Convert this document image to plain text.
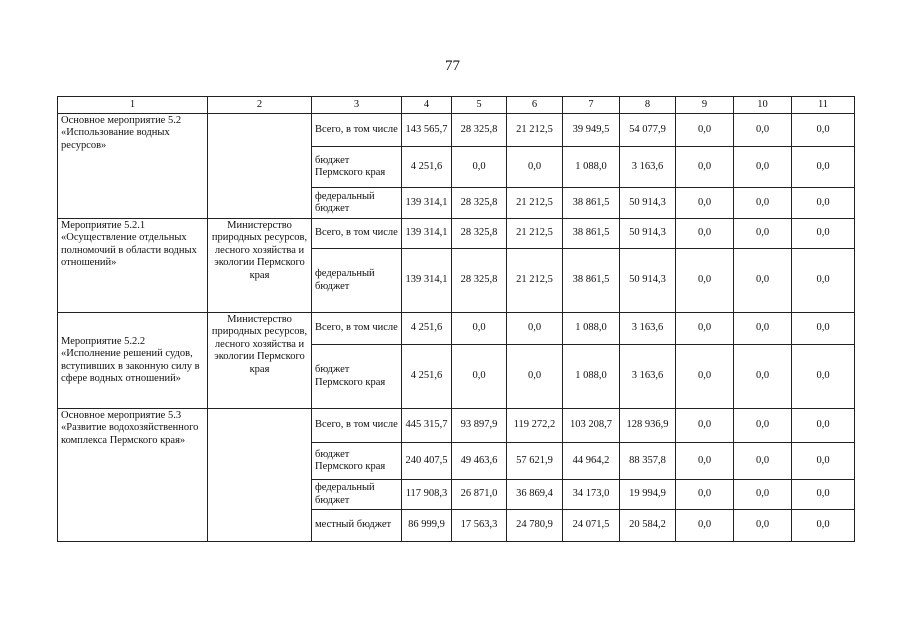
77
1	2	3	4	5	6	7	8	9	10	11
Основное мероприятие 5.2 «Использование водных ресурсов»		Всего, в том числе	143 565,7	28 325,8	21 212,5	39 949,5	54 077,9	0,0	0,0	0,0
		бюджет Пермского края	4 251,6	0,0	0,0	1 088,0	3 163,6	0,0	0,0	0,0
		федеральный бюджет	139 314,1	28 325,8	21 212,5	38 861,5	50 914,3	0,0	0,0	0,0
Мероприятие 5.2.1 «Осуществление отдельных полномочий в области водных отношений»	Министерство природных ресурсов, лесного хозяйства и экологии Пермского края	Всего, в том числе	139 314,1	28 325,8	21 212,5	38 861,5	50 914,3	0,0	0,0	0,0
		федеральный бюджет	139 314,1	28 325,8	21 212,5	38 861,5	50 914,3	0,0	0,0	0,0
Мероприятие 5.2.2 «Исполнение решений судов, вступивших в законную силу в сфере водных отношений»	Министерство природных ресурсов, лесного хозяйства и экологии Пермского края	Всего, в том числе	4 251,6	0,0	0,0	1 088,0	3 163,6	0,0	0,0	0,0
		бюджет Пермского края	4 251,6	0,0	0,0	1 088,0	3 163,6	0,0	0,0	0,0
Основное мероприятие 5.3 «Развитие водохозяйственного комплекса Пермского края»		Всего, в том числе	445 315,7	93 897,9	119 272,2	103 208,7	128 936,9	0,0	0,0	0,0
		бюджет Пермского края	240 407,5	49 463,6	57 621,9	44 964,2	88 357,8	0,0	0,0	0,0
		федеральный бюджет	117 908,3	26 871,0	36 869,4	34 173,0	19 994,9	0,0	0,0	0,0
		местный бюджет	86 999,9	17 563,3	24 780,9	24 071,5	20 584,2	0,0	0,0	0,0
